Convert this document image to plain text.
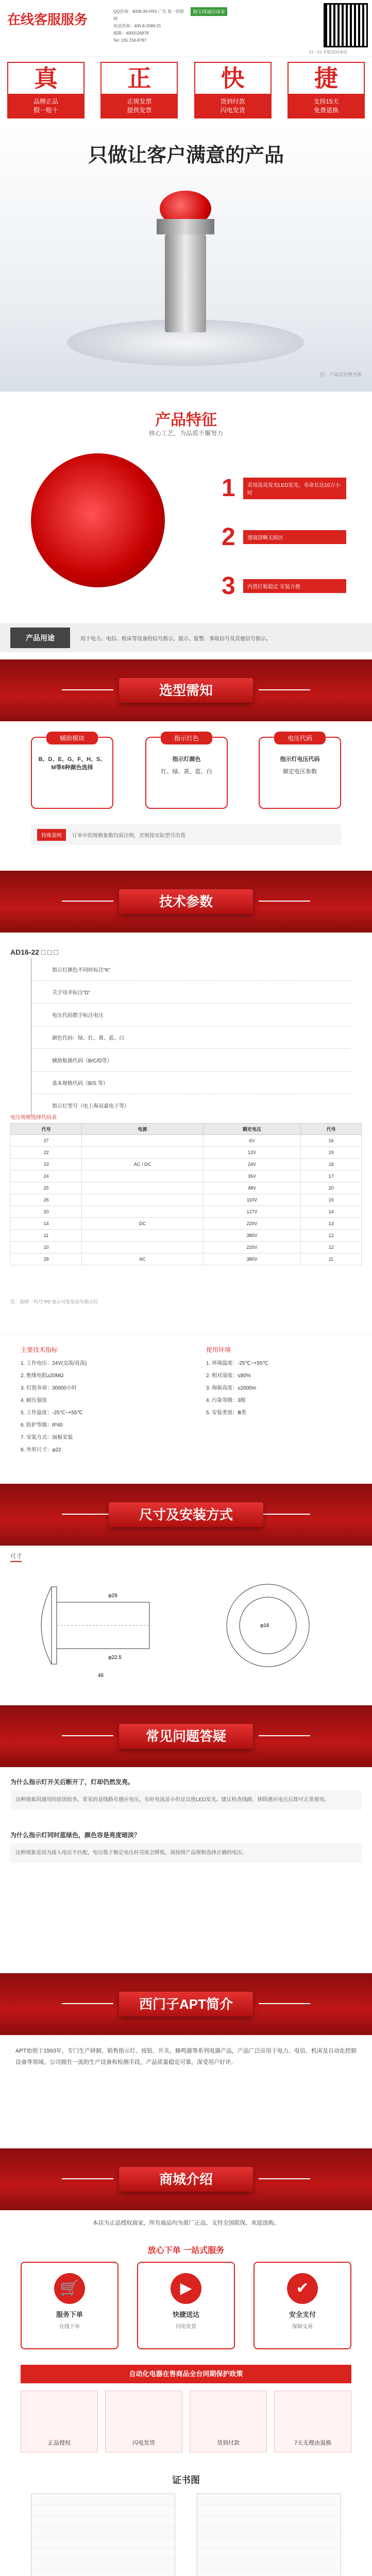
在线客服服务
QQ咨询：4008-30-FRS 广告 第一营销网
电话咨询：400-8-2089-21
邮箱：4000126878
Tel: 135 234-8787
淘宝网诚信商家
扫一扫 手机访问本店
真
品牌正品
假一赔十
正
正规发票
提供发票
快
货到付款
闪电发货
捷
支持15天
免费退换
只做让客户满意的产品
注：产品以实物为准
产品特征
核心工艺，为品质不懈努力
1	采用高亮发光LED发光，寿命长达10万小时
2	透镜清晰无暗区
3	内置灯板稳定 安装方便
产品用途	用于电力、电信、机床等设备的信号指示，提示、报警、事故信号及其他信号指示。
选型需知
辅助模块
B、D、E、G、F、H、S、M等8种颜色选择
指示灯色
指示灯颜色
红、绿、黄、蓝、白
电压代码
指示灯电压代码
额定电压参数
特殊说明	订单中的规格参数均需注明，否则按实际型号出货
技术参数
AD16-22 □ □ □
指示灯颜色不同时标注“K”
关字母并标注“D”
电压代码数字标注电压
颜色代码：绿、红、黄、蓝、白
辅助航插代码（B/C/D等）
基本规格代码（B/S 等）
指示灯型号（电上海双嘉电子等）
电压规格选择代码表
代号	电源	额定电压	代号
27		6V	16
22		12V	19
23	AC / DC	24V	18
24		36V	17
25		48V	20
26		110V	15
20		127V	14
14	DC	220V	13
11		380V	12
10		220V	12
28	AC	380V	11
注：选择一代号"P5"表示可发布信号指示灯
主要技术指标
1. 工作电压：24V(交流/直流)
2. 绝缘电阻≥20MΩ
3. 灯泡寿命：30000小时
4. 耐压强度
5. 工作温度：-25℃~+55℃
6. 防护等级：IP40
7. 安装方式：面板安装
8. 外形尺寸：φ22
使用环境
1. 环境温度：-25℃~+55℃
2. 相对湿度：≤90%
3. 海拔高度：≤2000m
4. 污染等级：3级
5. 安装类别：Ⅲ类
尺寸及安装方式
尺寸
φ29
φ22.5
φ16
46
常见问题答疑
为什么指示灯开关后断开了，灯却仍然发亮。
这种现象因通用的原因较多，常见的是线路有感应电压，有时电流虽小但足以使LED发光。建议检查线路，排除感应电压后即可正常使用。
为什么指示灯同时蓝绿色，颜色容是亮度暗淡？
这种现象是因为接入电压不匹配，电压低于额定电压时亮度会降低，请按照产品规格选择正确的电压。
西门子APT简介
APT始创于1993年，专门生产研制、销售指示灯、按钮、开关、蜂鸣器等系列电器产品，产品广泛应用于电力、电信、机床及自动化控制设备等领域。公司拥有一流的生产设备和检测手段，产品质量稳定可靠，深受用户好评。
商城介绍
本店为正品授权商家，所有商品均为原厂正品，支持全国联保，欢迎选购。
放心下单 一站式服务
🛒
服务下单
在线下单
▶
快捷送达
闪电发货
✔
安全支付
保障交易
自动化电器在售商品全台同期保护政策
正品授权	闪电发货	货到付款	7天无理由退换
证书图
